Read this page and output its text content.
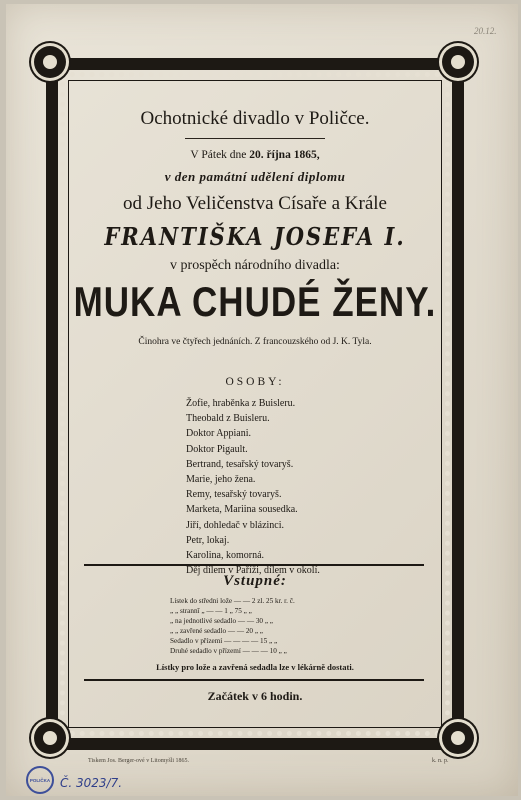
20.12.
Ochotnické divadlo v Poličce.
V Pátek dne 20. října 1865,
v den památní udělení diplomu
od Jeho Veličenstva Císaře a Krále
FRANTIŠKA JOSEFA I.
v prospěch národního divadla:
MUKA CHUDÉ ŽENY.
Činohra ve čtyřech jednáních. Z francouzského od J. K. Tyla.
OSOBY:
Žofie, hraběnka z Buisleru.
Theobald z Buisleru.
Doktor Appiani.
Doktor Pigault.
Bertrand, tesařský tovaryš.
Marie, jeho žena.
Remy, tesařský tovaryš.
Marketa, Mariina sousedka.
Jiří, dohledač v blázinci.
Petr, lokaj.
Karolina, komorná.
Děj dílem v Paříži, dílem v okolí.
Vstupné:
Lístek do středni lože — — 2 zl. 25 kr. r. č.
„ „ strannī „ — — 1 „ 75 „ „
„ na jednotlivé sedadlo — — 30 „ „
„ „ zavřené sedadlo — — 20 „ „
Sedadlo v přízemí — — — — 15 „ „
Druhé sedadlo v přízemí — — — 10 „ „
Lístky pro lože a zavřená sedadla lze v lékárně dostati.
Začátek v 6 hodin.
Tiskem Jos. Berger-ové v Litomyšli 1865.	k. n. p.
POLIČKA Č. 3023/7.
